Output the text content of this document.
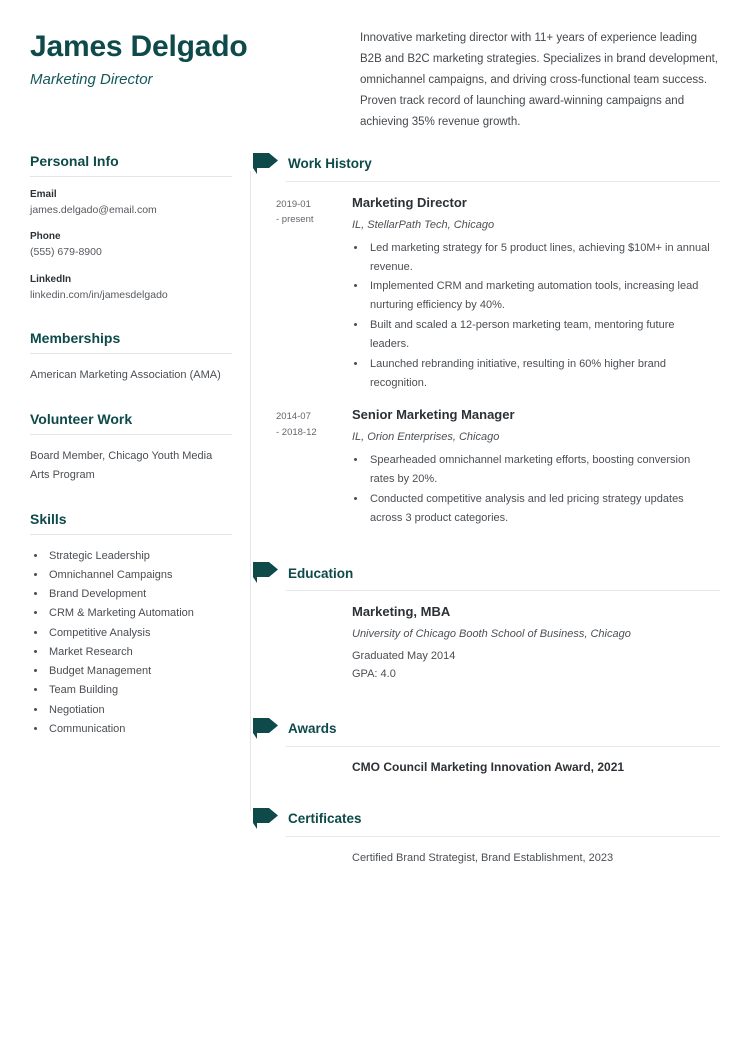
James Delgado
Marketing Director

Innovative marketing director with 11+ years of experience leading B2B and B2C marketing strategies. Specializes in brand development, omnichannel campaigns, and driving cross-functional team success. Proven track record of launching award-winning campaigns and achieving 35% revenue growth.

Personal Info
Email
james.delgado@email.com
Phone
(555) 679-8900
LinkedIn
linkedin.com/in/jamesdelgado
Memberships

American Marketing Association (AMA)

Volunteer Work

Board Member, Chicago Youth Media Arts Program

Skills
• Strategic Leadership
• Omnichannel Campaigns
• Brand Development
• CRM & Marketing Automation
• Competitive Analysis
• Market Research
• Budget Management
• Team Building
• Negotiation
• Communication
Work History
2019-01
- present
Marketing Director
IL, StellarPath Tech, Chicago
• Led marketing strategy for 5 product lines, achieving $10M+ in annual revenue.
• Implemented CRM and marketing automation tools, increasing lead nurturing efficiency by 40%.
• Built and scaled a 12-person marketing team, mentoring future leaders.
• Launched rebranding initiative, resulting in 60% higher brand recognition.
2014-07
- 2018-12
Senior Marketing Manager
IL, Orion Enterprises, Chicago
• Spearheaded omnichannel marketing efforts, boosting conversion rates by 20%.
• Conducted competitive analysis and led pricing strategy updates across 3 product categories.
Education
Marketing, MBA
University of Chicago Booth School of Business, Chicago

Graduated May 2014

GPA: 4.0

Awards

CMO Council Marketing Innovation Award, 2021

Certificates

Certified Brand Strategist, Brand Establishment, 2023
